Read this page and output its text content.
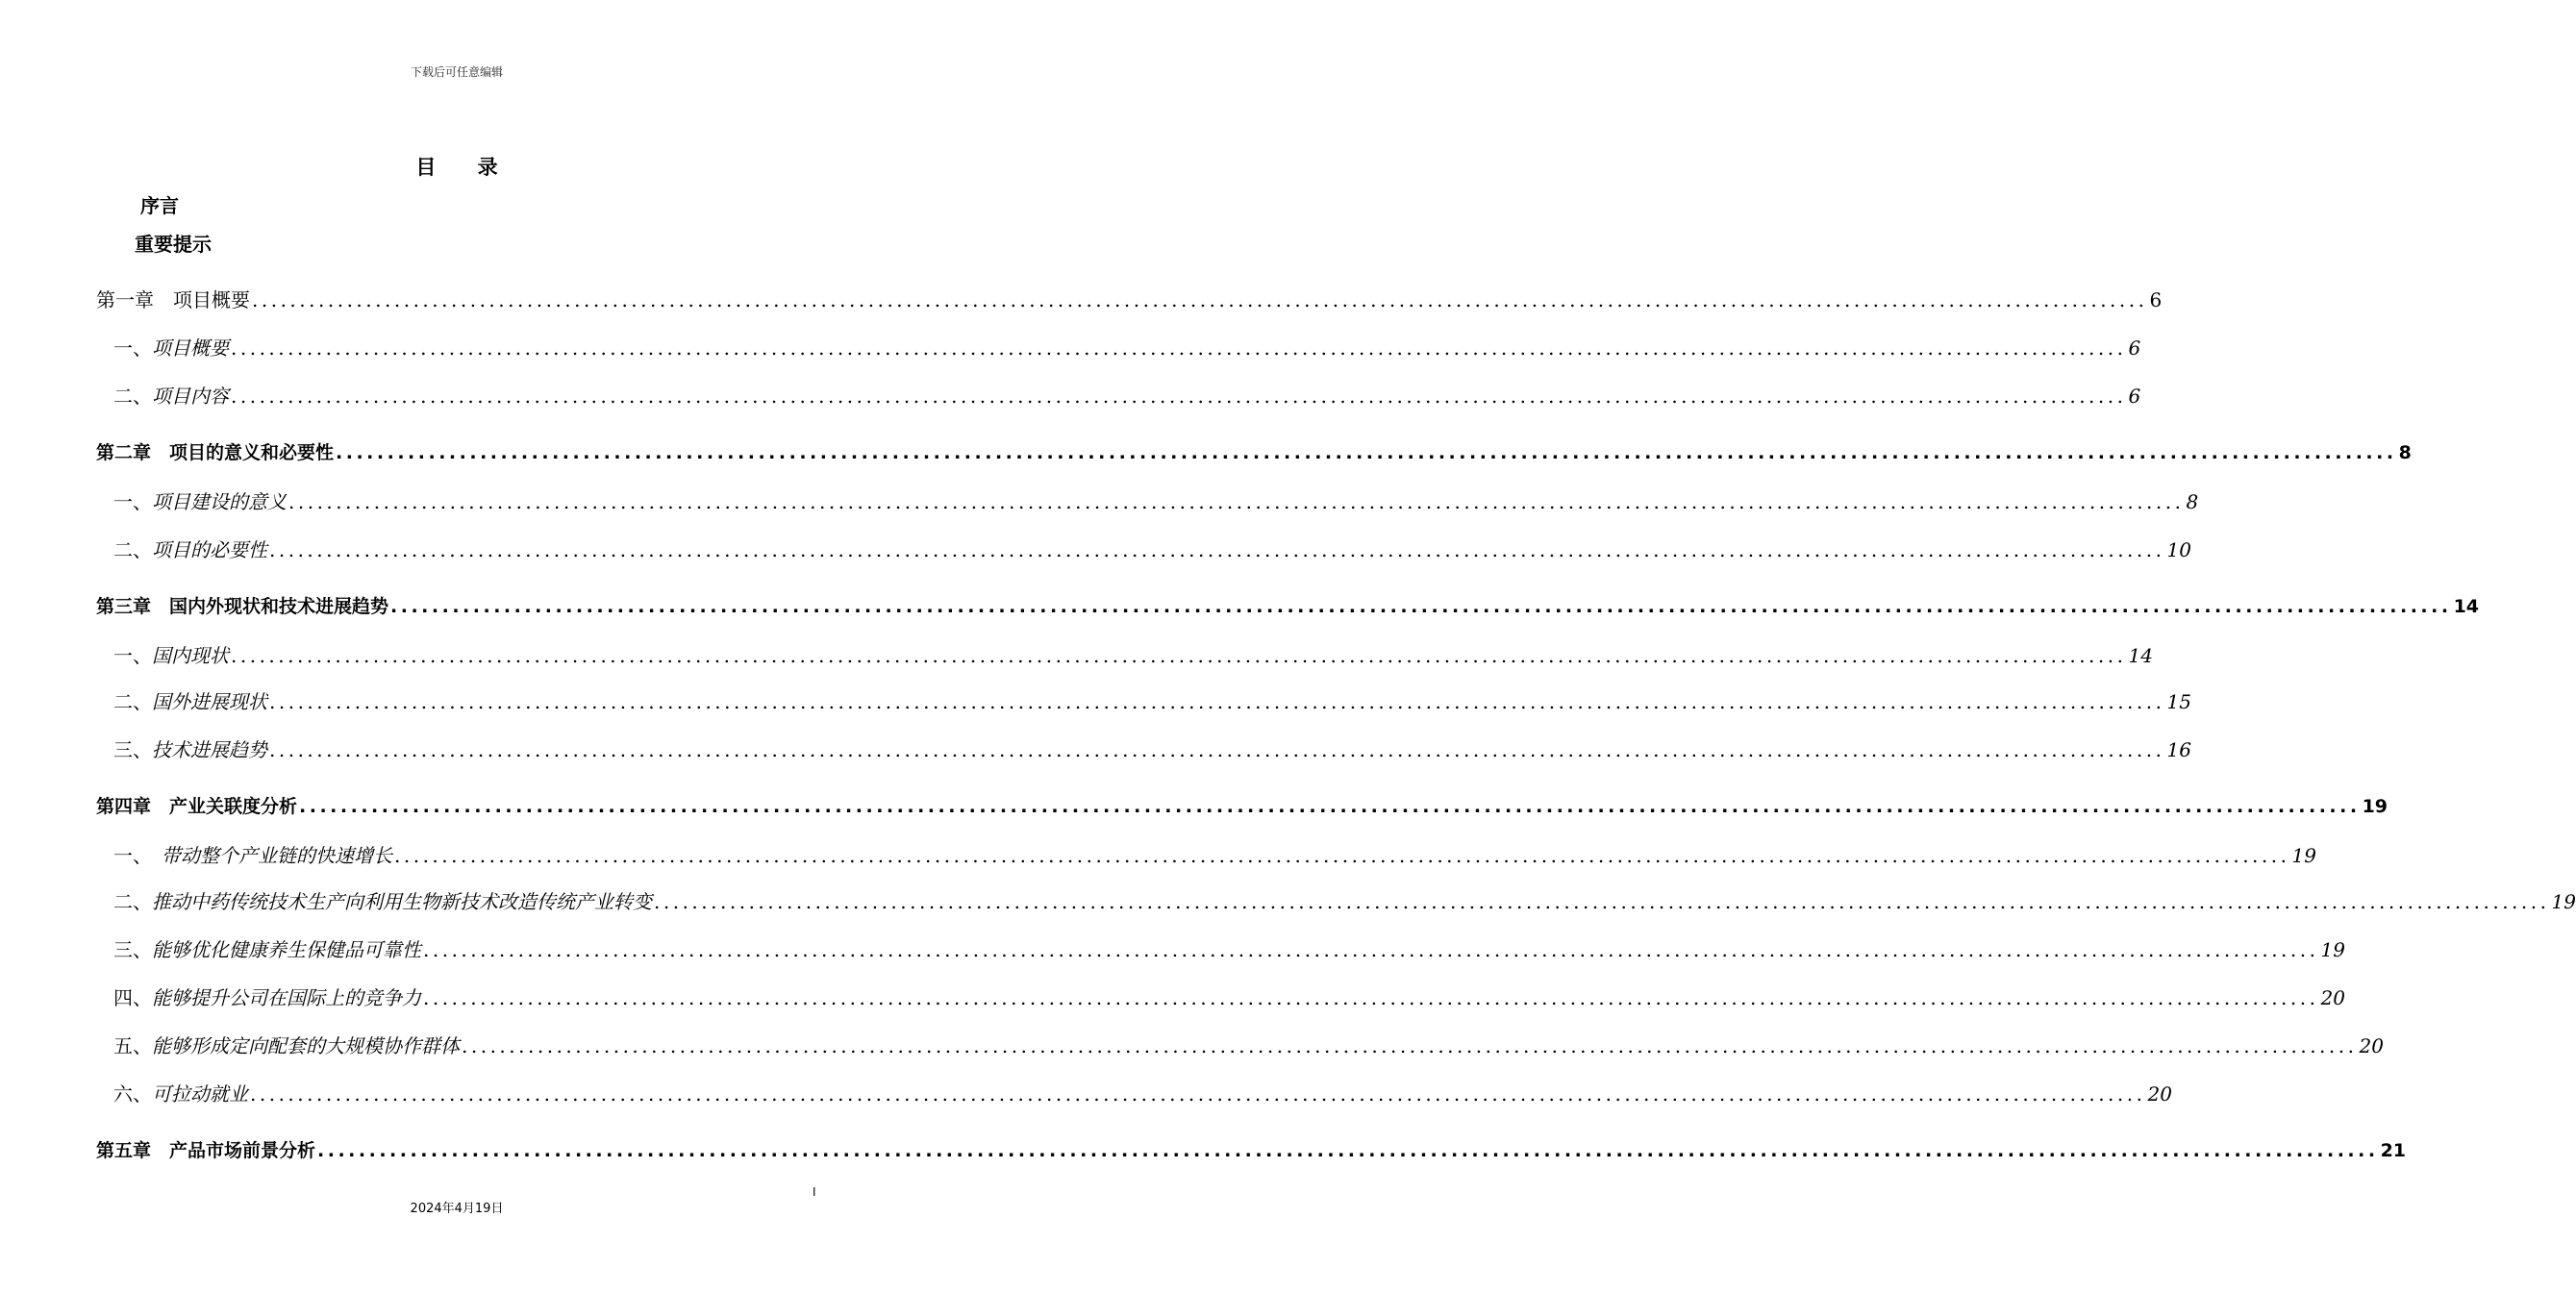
下载后可任意编辑
目 录
序言
重要提示
第一章　项目概要 ........................................................................................................................................................................................................ 6
一、项目概要 ........................................................................................................................................................................................................ 6
二、项目内容 ........................................................................................................................................................................................................ 6
第二章　项目的意义和必要性 ........................................................................................................................................................................................................ 8
一、项目建设的意义 ........................................................................................................................................................................................................ 8
二、项目的必要性 ........................................................................................................................................................................................................ 10
第三章　国内外现状和技术进展趋势 ........................................................................................................................................................................................................ 14
一、国内现状 ........................................................................................................................................................................................................ 14
二、国外进展现状 ........................................................................................................................................................................................................ 15
三、技术进展趋势 ........................................................................................................................................................................................................ 16
第四章　产业关联度分析 ........................................................................................................................................................................................................ 19
一、　带动整个产业链的快速增长 ........................................................................................................................................................................................................ 19
二、推动中药传统技术生产向利用生物新技术改造传统产业转变 ........................................................................................................................................................................................................ 19
三、能够优化健康养生保健品可靠性 ........................................................................................................................................................................................................ 19
四、能够提升公司在国际上的竞争力 ........................................................................................................................................................................................................ 20
五、能够形成定向配套的大规模协作群体 ........................................................................................................................................................................................................ 20
六、可拉动就业 ........................................................................................................................................................................................................ 20
第五章　产品市场前景分析 ........................................................................................................................................................................................................ 21
I
2024年4月19日
